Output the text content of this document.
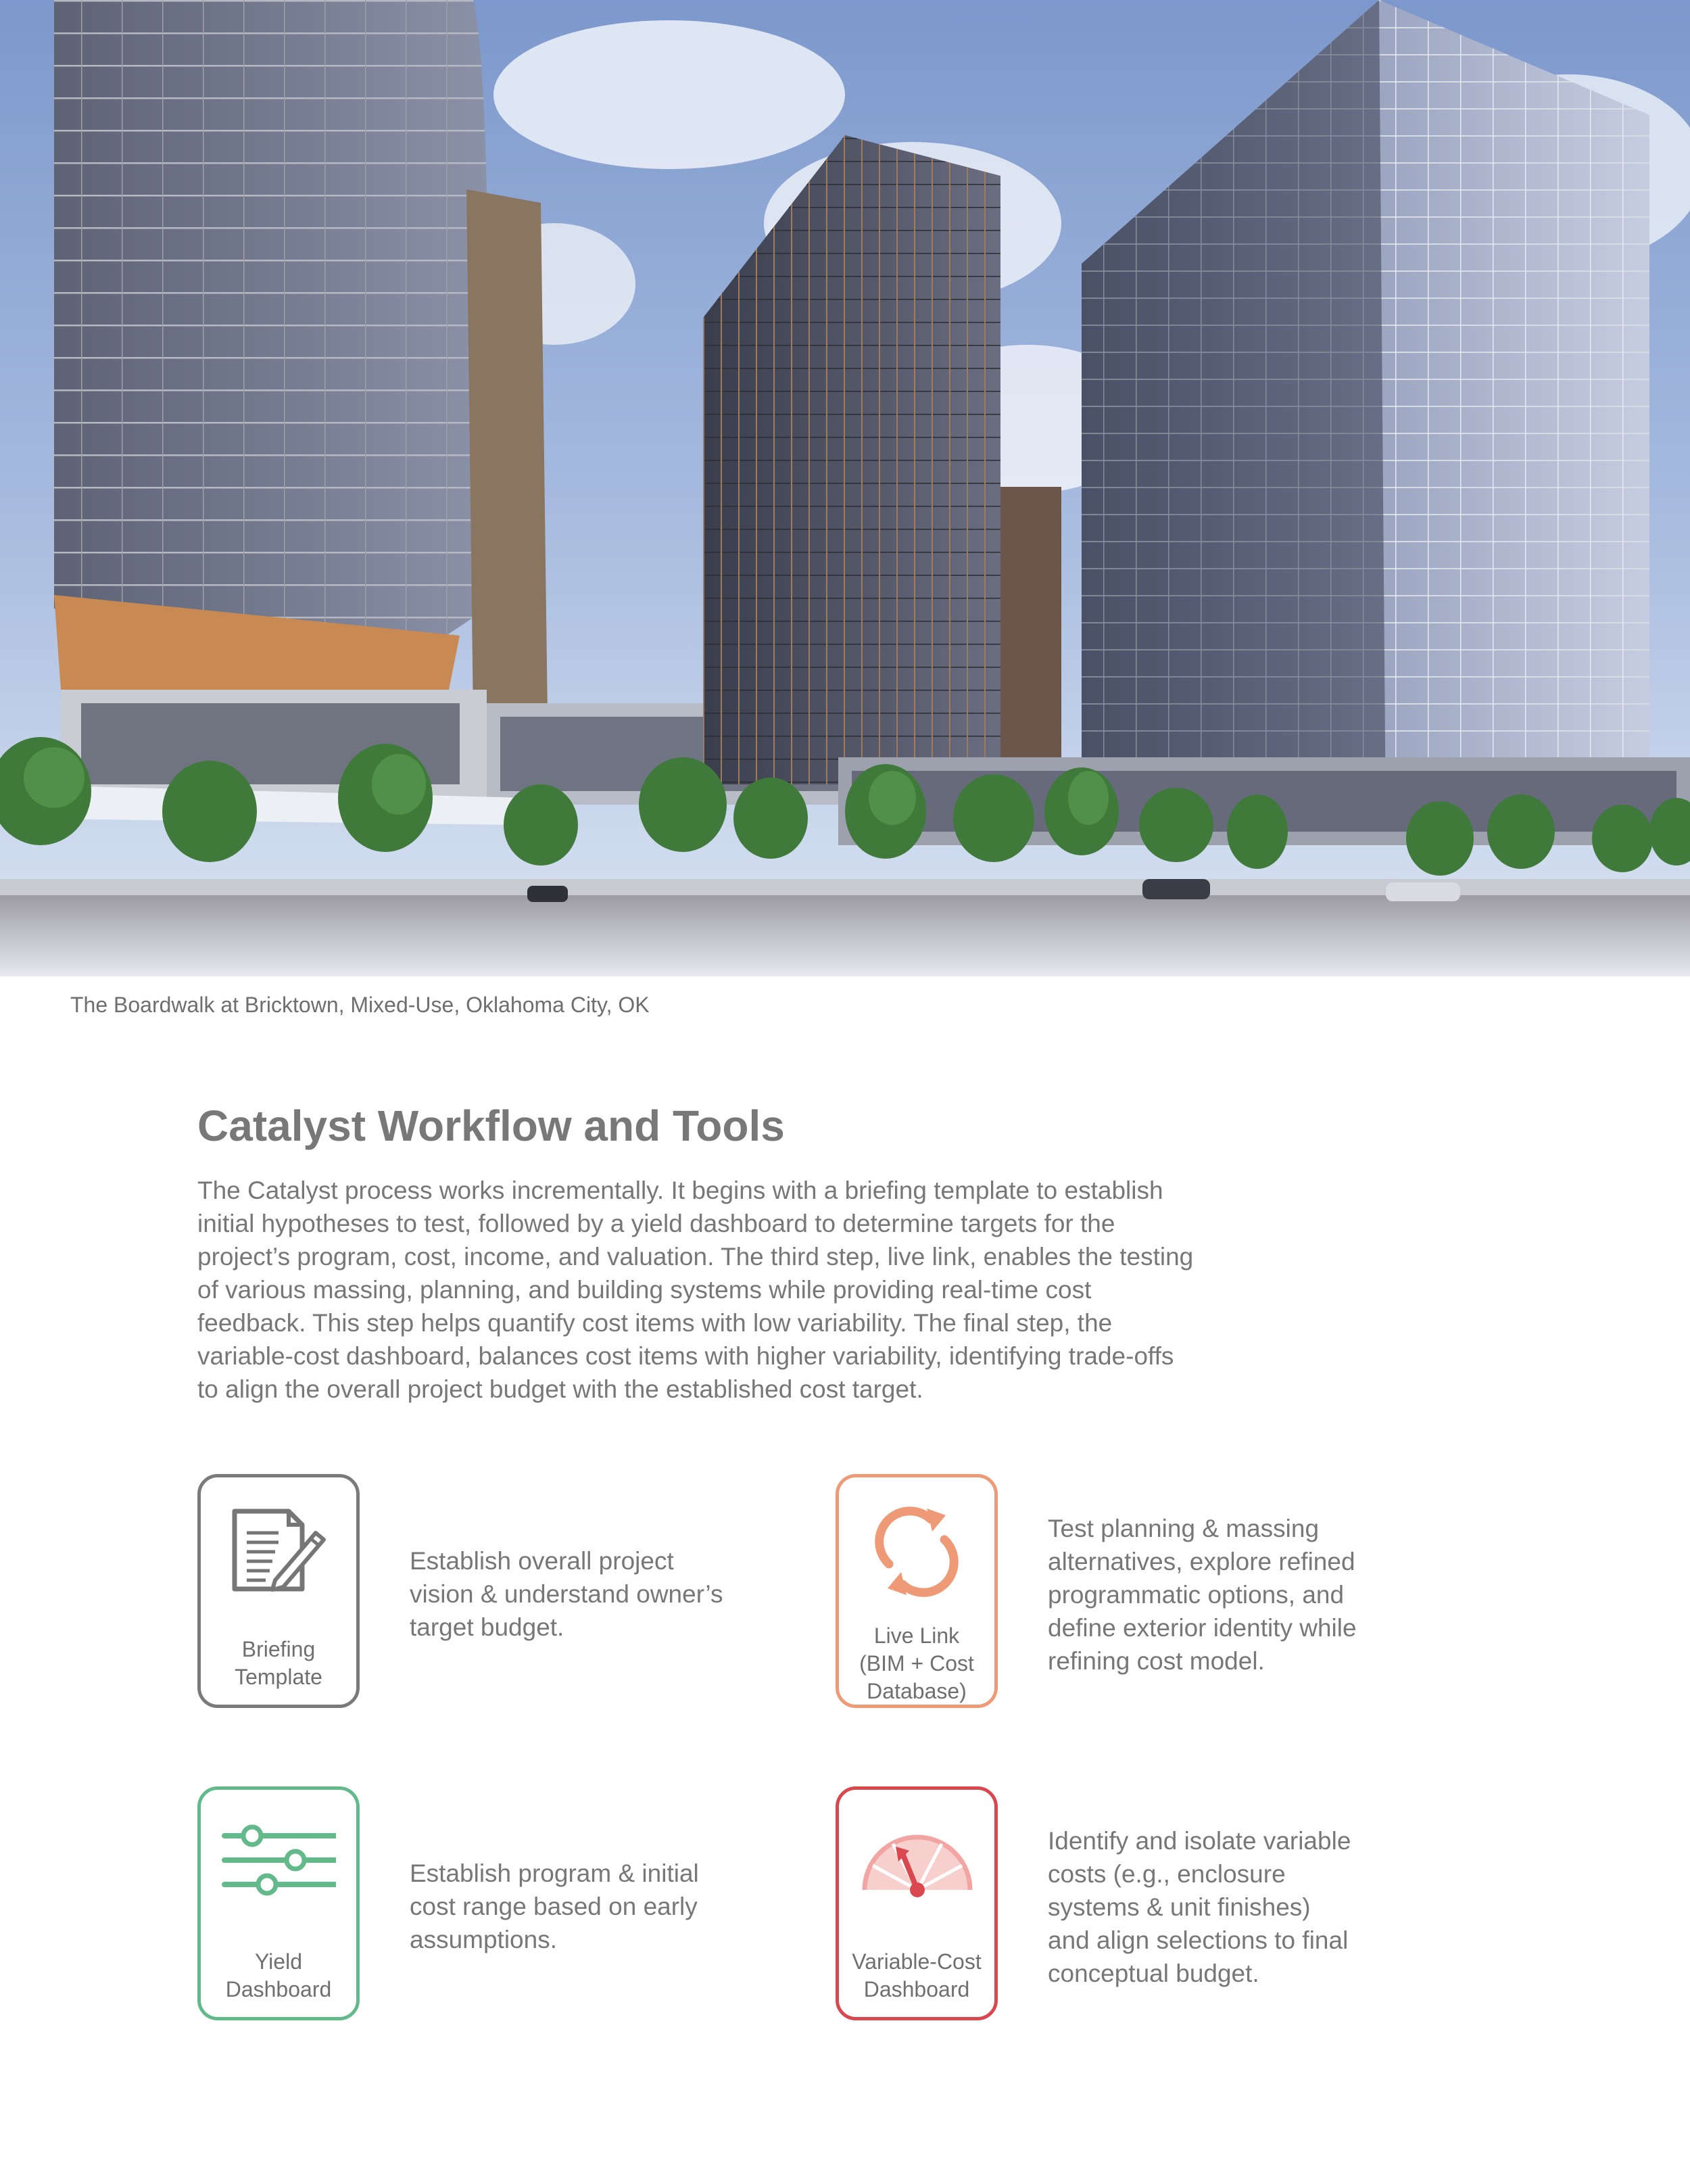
The Boardwalk at Bricktown, Mixed-Use, Oklahoma City, OK
Catalyst Workflow and Tools

The Catalyst process works incrementally. It begins with a briefing template to establish initial hypotheses to test, followed by a yield dashboard to determine targets for the project’s program, cost, income, and valuation. The third step, live link, enables the testing of various massing, planning, and building systems while providing real-time cost feedback. This step helps quantify cost items with low variability. The final step, the variable-cost dashboard, balances cost items with higher variability, identifying trade-offs to align the overall project budget with the established cost target.

Briefing
Template

Establish overall project
vision & understand owner’s
target budget.	Live Link
(BIM + Cost
Database)

Test planning & massing
alternatives, explore refined
programmatic options, and
define exterior identity while
refining cost model.

Yield
Dashboard

Establish program & initial
cost range based on early
assumptions.

Variable-Cost
Dashboard

Identify and isolate variable
costs (e.g., enclosure
systems & unit finishes)
and align selections to final
conceptual budget.
